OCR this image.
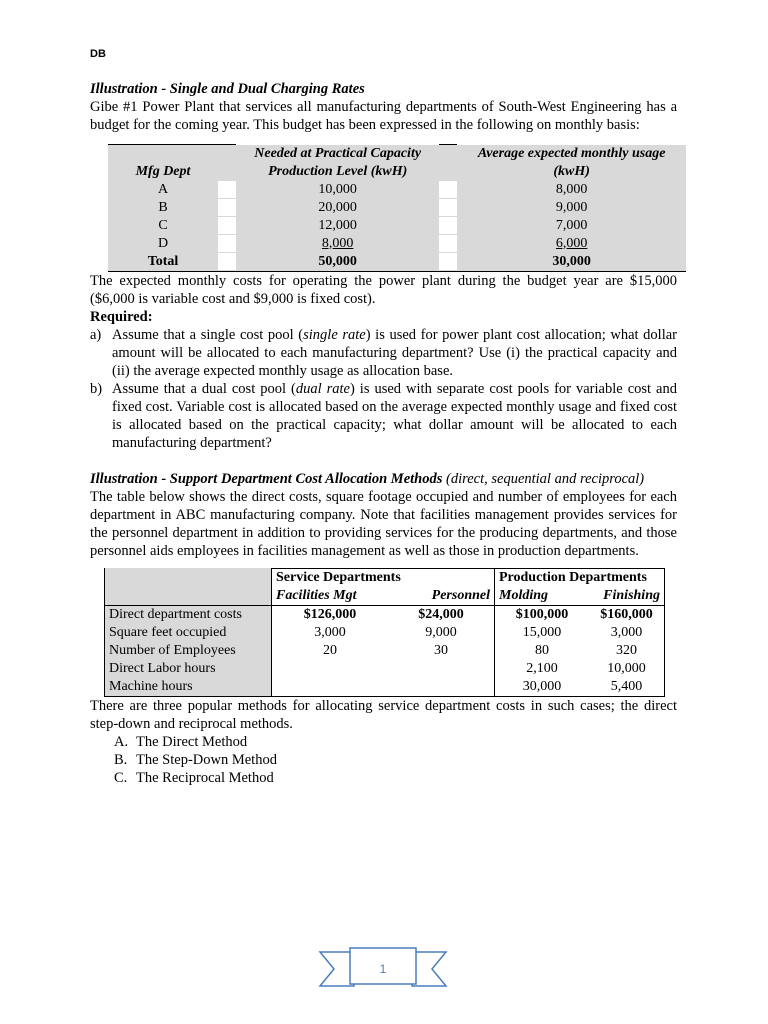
DB
Illustration - Single and Dual Charging Rates

Gibe #1 Power Plant that services all manufacturing departments of South-West Engineering has a budget for the coming year. This budget has been expressed in the following on monthly basis:

		Needed at Practical Capacity		Average expected monthly usage
Mfg Dept		Production Level (kwH)		(kwH)
A		10,000		8,000
B		20,000		9,000
C		12,000		7,000
D		8,000		6,000
Total		50,000		30,000

The expected monthly costs for operating the power plant during the budget year are $15,000 ($6,000 is variable cost and $9,000 is fixed cost).

Required:
a) Assume that a single cost pool (single rate) is used for power plant cost allocation; what dollar amount will be allocated to each manufacturing department? Use (i) the practical capacity and (ii) the average expected monthly usage as allocation base.
b) Assume that a dual cost pool (dual rate) is used with separate cost pools for variable cost and fixed cost. Variable cost is allocated based on the average expected monthly usage and fixed cost is allocated based on the practical capacity; what dollar amount will be allocated to each manufacturing department?
Illustration - Support Department Cost Allocation Methods (direct, sequential and reciprocal)

The table below shows the direct costs, square footage occupied and number of employees for each department in ABC manufacturing company. Note that facilities management provides services for the personnel department in addition to providing services for the producing departments, and those personnel aids employees in facilities management as well as those in production departments.

	Service Departments		Production Departments	
	Facilities Mgt	Personnel	Molding	Finishing
Direct department costs	$126,000	$24,000	$100,000	$160,000
Square feet occupied	3,000	9,000	15,000	3,000
Number of Employees	20	30	80	320
Direct Labor hours			2,100	10,000
Machine hours			30,000	5,400

There are three popular methods for allocating service department costs in such cases; the direct step-down and reciprocal methods.

A. The Direct Method
B. The Step-Down Method
C. The Reciprocal Method
1
